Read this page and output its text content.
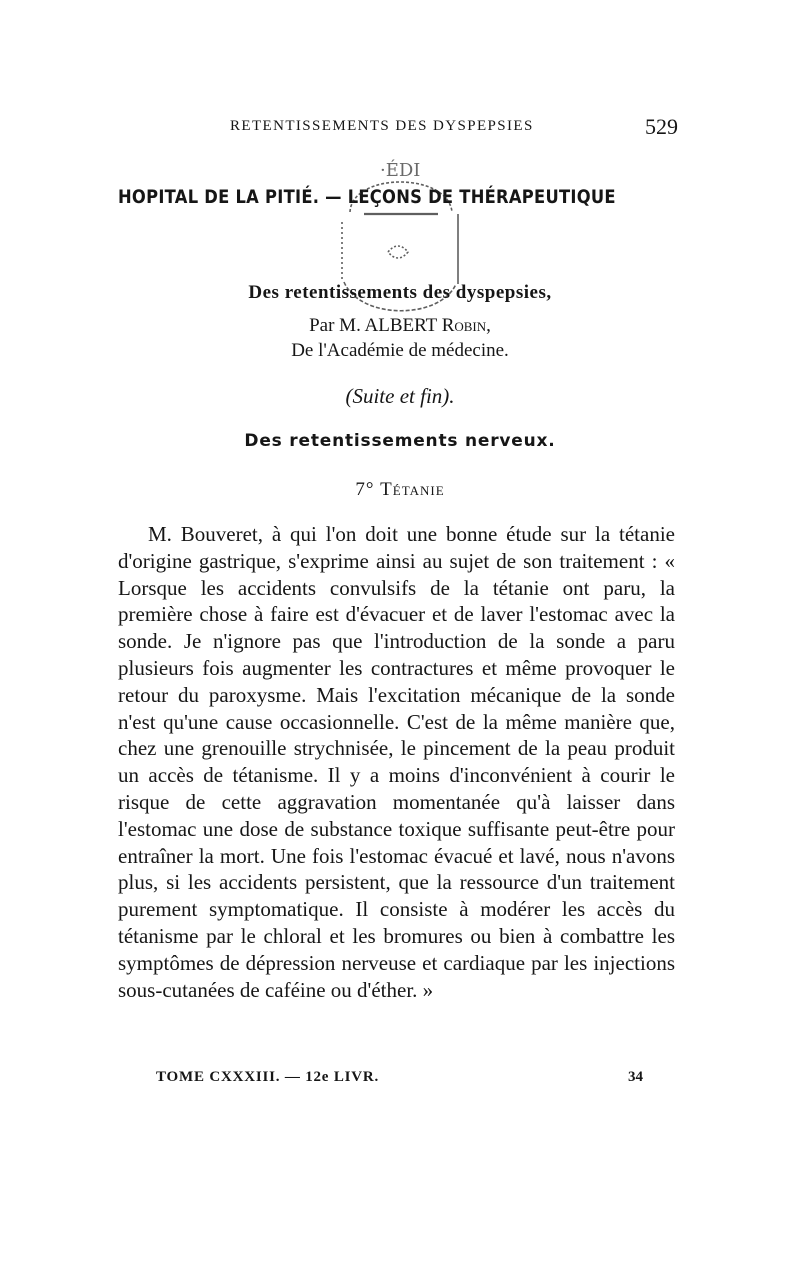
RETENTISSEMENTS DES DYSPEPSIES	529
HOPITAL DE LA PITIÉ. — LEÇONS DE THÉRAPEUTIQUE
·ÉDI
Des retentissements des dyspepsies,
Par M. ALBERT Robin,
De l'Académie de médecine.
(Suite et fin).
Des retentissements nerveux.
7° Tétanie

M. Bouveret, à qui l'on doit une bonne étude sur la tétanie d'origine gastrique, s'exprime ainsi au sujet de son traitement : « Lorsque les accidents convulsifs de la tétanie ont paru, la première chose à faire est d'évacuer et de laver l'estomac avec la sonde. Je n'ignore pas que l'introduction de la sonde a paru plusieurs fois augmenter les contractures et même provoquer le retour du paroxysme. Mais l'excitation mécanique de la sonde n'est qu'une cause occasionnelle. C'est de la même manière que, chez une grenouille strychnisée, le pincement de la peau produit un accès de tétanisme. Il y a moins d'inconvénient à courir le risque de cette aggravation momentanée qu'à laisser dans l'estomac une dose de substance toxique suffisante peut-être pour entraîner la mort. Une fois l'estomac évacué et lavé, nous n'avons plus, si les accidents persistent, que la ressource d'un traitement purement symptomatique. Il consiste à modérer les accès du tétanisme par le chloral et les bromures ou bien à combattre les symptômes de dépression nerveuse et cardiaque par les injections sous-cutanées de caféine ou d'éther. »

TOME CXXXIII. — 12e LIVR.	34
